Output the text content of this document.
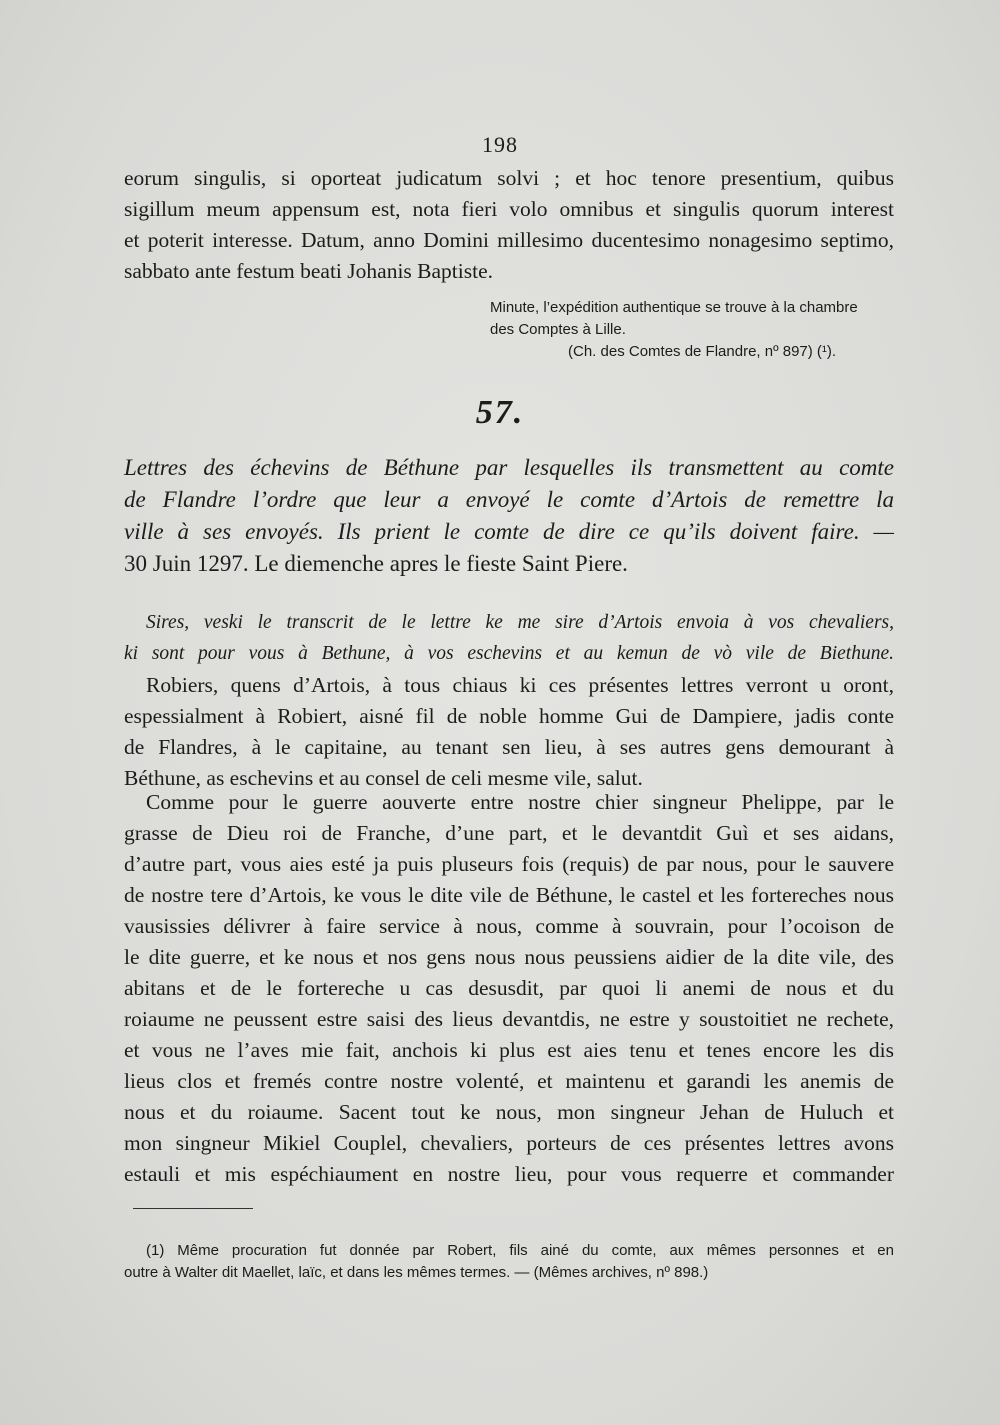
198
eorum singulis, si oporteat judicatum solvi ; et hoc tenore presentium, quibus
sigillum meum appensum est, nota fieri volo omnibus et singulis quorum interest
et poterit interesse. Datum, anno Domini millesimo ducentesimo nonagesimo septimo,
sabbato ante festum beati Johanis Baptiste.
Minute, l’expédition authentique se trouve à la chambre
des Comptes à Lille.
(Ch. des Comtes de Flandre, nº 897) (¹).
57.
Lettres des échevins de Béthune par lesquelles ils transmettent au comte
de Flandre l’ordre que leur a envoyé le comte d’Artois de remettre la
ville à ses envoyés. Ils prient le comte de dire ce qu’ils doivent faire. —
30 Juin 1297. Le diemenche apres le fieste Saint Piere.
Sires, veski le transcrit de le lettre ke me sire d’Artois envoia à vos chevaliers,
ki sont pour vous à Bethune, à vos eschevins et au kemun de vò vile de Biethune.
Robiers, quens d’Artois, à tous chiaus ki ces présentes lettres verront u oront,
espessialment à Robiert, aisné fil de noble homme Gui de Dampiere, jadis conte
de Flandres, à le capitaine, au tenant sen lieu, à ses autres gens demourant à
Béthune, as eschevins et au consel de celi mesme vile, salut.
Comme pour le guerre aouverte entre nostre chier singneur Phelippe, par le
grasse de Dieu roi de Franche, d’une part, et le devantdit Guì et ses aidans,
d’autre part, vous aies esté ja puis pluseurs fois (requis) de par nous, pour le sauvere
de nostre tere d’Artois, ke vous le dite vile de Béthune, le castel et les fortereches nous
vausissies délivrer à faire service à nous, comme à souvrain, pour l’ocoison de
le dite guerre, et ke nous et nos gens nous nous peussiens aidier de la dite vile, des
abitans et de le fortereche u cas desusdit, par quoi li anemi de nous et du
roiaume ne peussent estre saisi des lieus devantdis, ne estre y soustoitiet ne rechete,
et vous ne l’aves mie fait, anchois ki plus est aies tenu et tenes encore les dis
lieus clos et fremés contre nostre volenté, et maintenu et garandi les anemis de
nous et du roiaume. Sacent tout ke nous, mon singneur Jehan de Huluch et
mon singneur Mikiel Couplel, chevaliers, porteurs de ces présentes lettres avons
estauli et mis espéchiaument en nostre lieu, pour vous requerre et commander
(1) Même procuration fut donnée par Robert, fils ainé du comte, aux mêmes personnes et en
outre à Walter dit Maellet, laïc, et dans les mêmes termes. — (Mêmes archives, nº 898.)
